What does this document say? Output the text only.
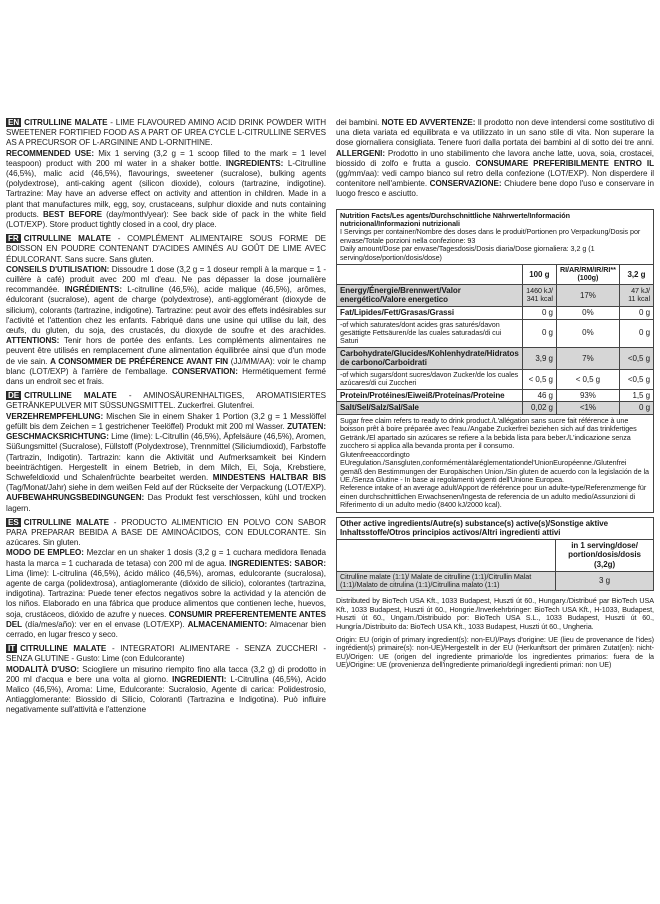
EN CITRULLINE MALATE - LIME FLAVOURED AMINO ACID DRINK POWDER WITH SWEETENER FORTIFIED FOOD AS A PART OF UREA CYCLE L-CITRULLINE SERVES AS A PRECURSOR OF L-ARGININE AND L-ORNITHINE.

RECOMMENDED USE: Mix 1 serving (3,2 g = 1 scoop filled to the mark = 1 level teaspoon) product with 200 ml water in a shaker bottle. INGREDIENTS: L-Citrulline (46,5%), malic acid (46,5%), flavourings, sweetener (sucralose), bulking agents (polydextrose), anti-caking agent (silicon dioxide), colours (tartrazine, indigotine). Tartrazine: May have an adverse effect on activity and attention in children. Made in a plant that manufactures milk, egg, soy, crustaceans, sulphur dioxide and nuts containing products. BEST BEFORE (day/month/year): See back side of pack in the white field (LOT/EXP). Store product tightly closed in a cool, dry place.

FR CITRULLINE MALATE - COMPLÉMENT ALIMENTAIRE SOUS FORME DE BOISSON EN POUDRE CONTENANT D'ACIDES AMINÉS AU GOÛT DE LIME AVEC ÉDULCORANT. Sans sucre. Sans gluten.

CONSEILS D'UTILISATION: Dissoudre 1 dose (3,2 g = 1 doseur rempli à la marque = 1 - cuillère à café) produit avec 200 ml d'eau. Ne pas dépasser la dose journalière recommandée. INGRÉDIENTS: L-citrulline (46,5%), acide malique (46,5%), arômes, édulcorant (sucralose), agent de charge (polydextrose), anti-agglomérant (dioxyde de silicium), colorants (tartrazine, indigotine). Tartrazine: peut avoir des effets indésirables sur l'activité et l'attention chez les enfants. Fabriqué dans une usine qui utilise du lait, des œufs, du gluten, du soja, des crustacés, du dioxyde de soufre et des arachides. ATTENTIONS: Tenir hors de portée des enfants. Les compléments alimentaires ne peuvent être utilisés en remplacement d'une alimentation équilibrée ainsi que d'un mode de vie sain. A CONSOMMER DE PRÉFÉRENCE AVANT FIN (JJ/MM/AA): voir le champ blanc (LOT/EXP) à l'arrière de l'emballage. CONSERVATION: Hermétiquement fermé dans un endroit sec et frais.

DE CITRULLINE MALATE - AMINOSÄURENHALTIGES, AROMATISIERTES GETRÄNKEPULVER MIT SÜSSUNGSMITTEL. Zuckerfrei. Glutenfrei.

VERZEHREMPFEHLUNG: Mischen Sie in einem Shaker 1 Portion (3,2 g = 1 Messlöffel gefüllt bis dem Zeichen = 1 gestrichener Teelöffel) Produkt mit 200 ml Wasser. ZUTATEN: GESCHMACKSRICHTUNG: Lime (lime): L-Citrullin (46,5%), Äpfelsäure (46,5%), Aromen, Süßungsmittel (Sucralose), Füllstoff (Polydextrose), Trennmittel (Siliciumdioxid), Farbstoffe (Tartrazin, Indigotin). Tartrazin: kann die Aktivität und Aufmerksamkeit bei Kindern beeinträchtigen. Hergestellt in einem Betrieb, in dem Milch, Ei, Soja, Krebstiere, Schwefeldioxid und Schalenfrüchte bearbeitet werden. MINDESTENS HALTBAR BIS (Tag/Monat/Jahr) siehe in dem weißen Feld auf der Rückseite der Verpackung (LOT/EXP). AUFBEWAHRUNGSBEDINGUNGEN: Das Produkt fest verschlossen, kühl und trocken lagern.

ES CITRULLINE MALATE - PRODUCTO ALIMENTICIO EN POLVO CON SABOR PARA PREPARAR BEBIDA A BASE DE AMINOÁCIDOS, CON EDULCORANTE. Sin azúcares. Sin gluten.

MODO DE EMPLEO: Mezclar en un shaker 1 dosis (3,2 g = 1 cuchara medidora llenada hasta la marca = 1 cucharada de tetasa) con 200 ml de agua. INGREDIENTES: SABOR: Lima (lime): L-citrulina (46,5%), ácido málico (46,5%), aromas, edulcorante (sucralosa), agente de carga (polidextrosa), antiaglomerante (dióxido de silicio), colorantes (tartrazina, indigotina). Tartrazina: Puede tener efectos negativos sobre la actividad y la atención de los niños. Elaborado en una fábrica que produce alimentos que contienen leche, huevos, soja, crustáceos, dióxido de azufre y nueces. CONSUMIR PREFERENTEMENTE ANTES DEL (día/mes/año): ver en el envase (LOT/EXP). ALMACENAMIENTO: Almacenar bien cerrado, en lugar fresco y seco.

IT CITRULLINE MALATE - INTEGRATORI ALIMENTARE - SENZA ZUCCHERI - SENZA GLUTINE - Gusto: Lime (con Edulcorante)

MODALITÀ D'USO: Sciogliere un misurino riempito fino alla tacca (3,2 g) di prodotto in 200 ml d'acqua e bere una volta al giorno. INGREDIENTI: L-Citrullina (46,5%), Acido Malico (46,5%), Aroma: Lime, Edulcorante: Sucralosio, Agente di carica: Polidestrosio, Antiagglomerante: Biossido di Silicio, Colorantì (Tartrazina e Indigotina). Può influire negativamente sull'attività e l'attenzione

dei bambini. NOTE ED AVVERTENZE: Il prodotto non deve intendersi come sostitutivo di una dieta variata ed equilibrata e va utilizzato in un sano stile di vita. Non superare la dose giornaliera consigliata. Tenere fuori dalla portata dei bambini al di sotto dei tre anni. ALLERGENI: Prodotto in uno stabilimento che lavora anche latte, uova, soia, crostacei, biossido di zolfo e frutta a guscio. CONSUMARE PREFERIBILMENTE ENTRO IL (gg/mm/aa): vedi campo bianco sul retro della confezione (LOT/EXP). Non disperdere il contenitore nell'ambiente. CONSERVAZIONE: Chiudere bene dopo l'uso e conservare in luogo fresco e asciutto.

Nutrition Facts/Les agents/Durchschnittliche Nährwerte/Información nutricional/Informazioni nutrizionali

I Servings per container/Nombre des doses dans le produit/Portionen pro Verpackung/Dosis por envase/Totale porzioni nella confezione: 93

Daily amount/Dose par envase/Tagesdosis/Dosis diaria/Dose giornaliera: 3,2 g (1 serving/dose/portion/dosis/dose)

	100 g	RI/AR/RM/IR/RI** (100g)	3,2 g
Energy/Énergie/Brennwert/Valor energético/Valore energetico	1460 kJ/ 341 kcal	17%	47 kJ/ 11 kcal
Fat/Lipides/Fett/Grasas/Grassi	0 g	0%	0 g
-of which saturates/dont acides gras saturés/davon gesättigte Fettsäuren/de las cuales saturadas/di cui Saturi	0 g	0%	0 g
Carbohydrate/Glucides/Kohlenhydrate/Hidratos de carbono/Carboidrati	3,9 g	7%	<0,5 g
-of which sugars/dont sucres/davon Zucker/de los cuales azúcares/di cui Zuccheri	< 0,5 g	< 0,5 g	<0,5 g
Protein/Protéines/Eiweiß/Proteínas/Proteine	46 g	93%	1,5 g
Salt/Sel/Salz/Sal/Sale	0,02 g	<1%	0 g

Sugar free claim refers to ready to drink product./L'allégation sans sucre fait référence à une boisson prêt à boire préparée avec l'eau./Angabe Zuckerfrei beziehen sich auf das trinkfertiges Getränk./El apartado sin azúcares se refiere a la bebida lista para beber./L'indicazione senza zucchero si applica alla bevanda pronta per il consumo.

Glutenfreeaccordingto EUregulation./Sansgluten,conformémentàlaréglementationdel'UnionEuropéenne./Glutenfrei gemäß den Bestimmungen der Europäischen Union./Sin gluten de acuerdo con la legislación de la UE./Senza Glutine - In base ai regolamenti vigenti dell'Unione Europea.

Reference intake of an average adult/Apport de référence pour un adulte-type/Referenzmenge für einen durchschnittlichen Erwachsenen/Ingesta de referencia de un adulto medio/Assunzioni di Riferimento di un adulto medio (8400 kJ/2000 kcal).

Other active ingredients/Autre(s) substance(s) active(s)/Sonstige aktive Inhaltsstoffe/Otros principios activos/Altri ingredienti attivi	
	in 1 serving/dose/ portion/dosis/dosis (3,2g)
Citrulline malate (1:1)/ Malate de citrulline (1:1)/Citrullin Malat (1:1)/Malato de citrulina (1:1)/Citrullina malato (1:1)	3 g

Distributed by BioTech USA Kft., 1033 Budapest, Huszti út 60., Hungary./Distribué par BioTech USA Kft., 1033 Budapest, Huszti út 60., Hongrie./Inverkehrbringer: BioTech USA Kft., H-1033, Budapest, Huszti út 60., Ungarn./Distribuido por: BioTech USA S.L., 1033 Budapest, Huszti út 60., Hungría./Distribuito da: BioTech USA Kft., 1033 Budapest, Huszti út 60., Ungheria.

Origin: EU (origin of primary ingredient(s): non-EU)/Pays d'origine: UE (lieu de provenance de l'ides) ingrédient(s) primaire(s): non-UE)/Hergestellt in der EU (Herkunftsort der primären Zutat(en): nicht-EU)/Origen: UE (origen del ingrediente primario/de los ingredientes primarios: fuera de la UE)/Origine: UE (provenienza dell'ingrediente primario/degli ingredienti primari: non UE)
